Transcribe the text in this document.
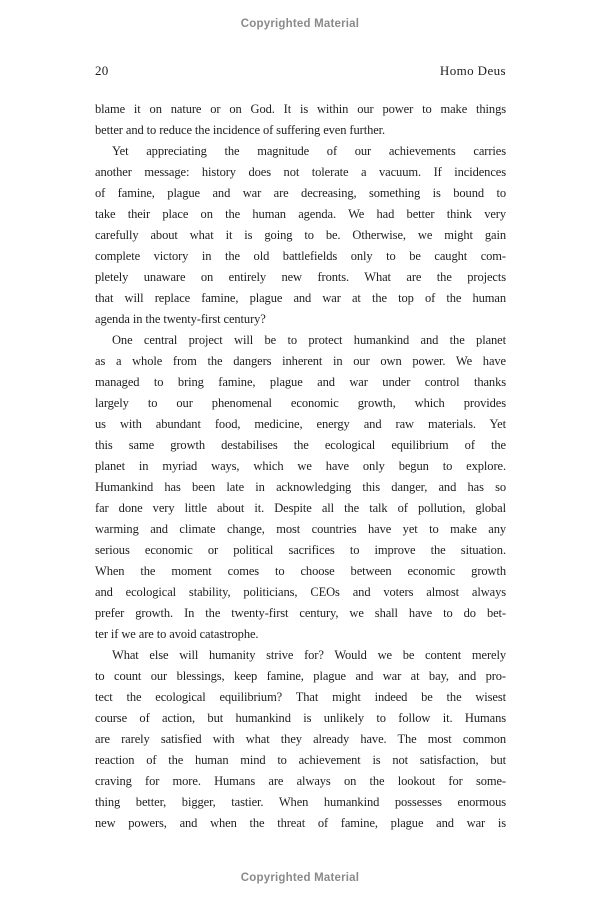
Copyrighted Material
20	Homo Deus
blame it on nature or on God. It is within our power to make things
better and to reduce the incidence of suffering even further.
Yet appreciating the magnitude of our achievements carries
another message: history does not tolerate a vacuum. If incidences
of famine, plague and war are decreasing, something is bound to
take their place on the human agenda. We had better think very
carefully about what it is going to be. Otherwise, we might gain
complete victory in the old battlefields only to be caught com-
pletely unaware on entirely new fronts. What are the projects
that will replace famine, plague and war at the top of the human
agenda in the twenty-first century?
One central project will be to protect humankind and the planet
as a whole from the dangers inherent in our own power. We have
managed to bring famine, plague and war under control thanks
largely to our phenomenal economic growth, which provides
us with abundant food, medicine, energy and raw materials. Yet
this same growth destabilises the ecological equilibrium of the
planet in myriad ways, which we have only begun to explore.
Humankind has been late in acknowledging this danger, and has so
far done very little about it. Despite all the talk of pollution, global
warming and climate change, most countries have yet to make any
serious economic or political sacrifices to improve the situation.
When the moment comes to choose between economic growth
and ecological stability, politicians, CEOs and voters almost always
prefer growth. In the twenty-first century, we shall have to do bet-
ter if we are to avoid catastrophe.
What else will humanity strive for? Would we be content merely
to count our blessings, keep famine, plague and war at bay, and pro-
tect the ecological equilibrium? That might indeed be the wisest
course of action, but humankind is unlikely to follow it. Humans
are rarely satisfied with what they already have. The most common
reaction of the human mind to achievement is not satisfaction, but
craving for more. Humans are always on the lookout for some-
thing better, bigger, tastier. When humankind possesses enormous
new powers, and when the threat of famine, plague and war is
Copyrighted Material
